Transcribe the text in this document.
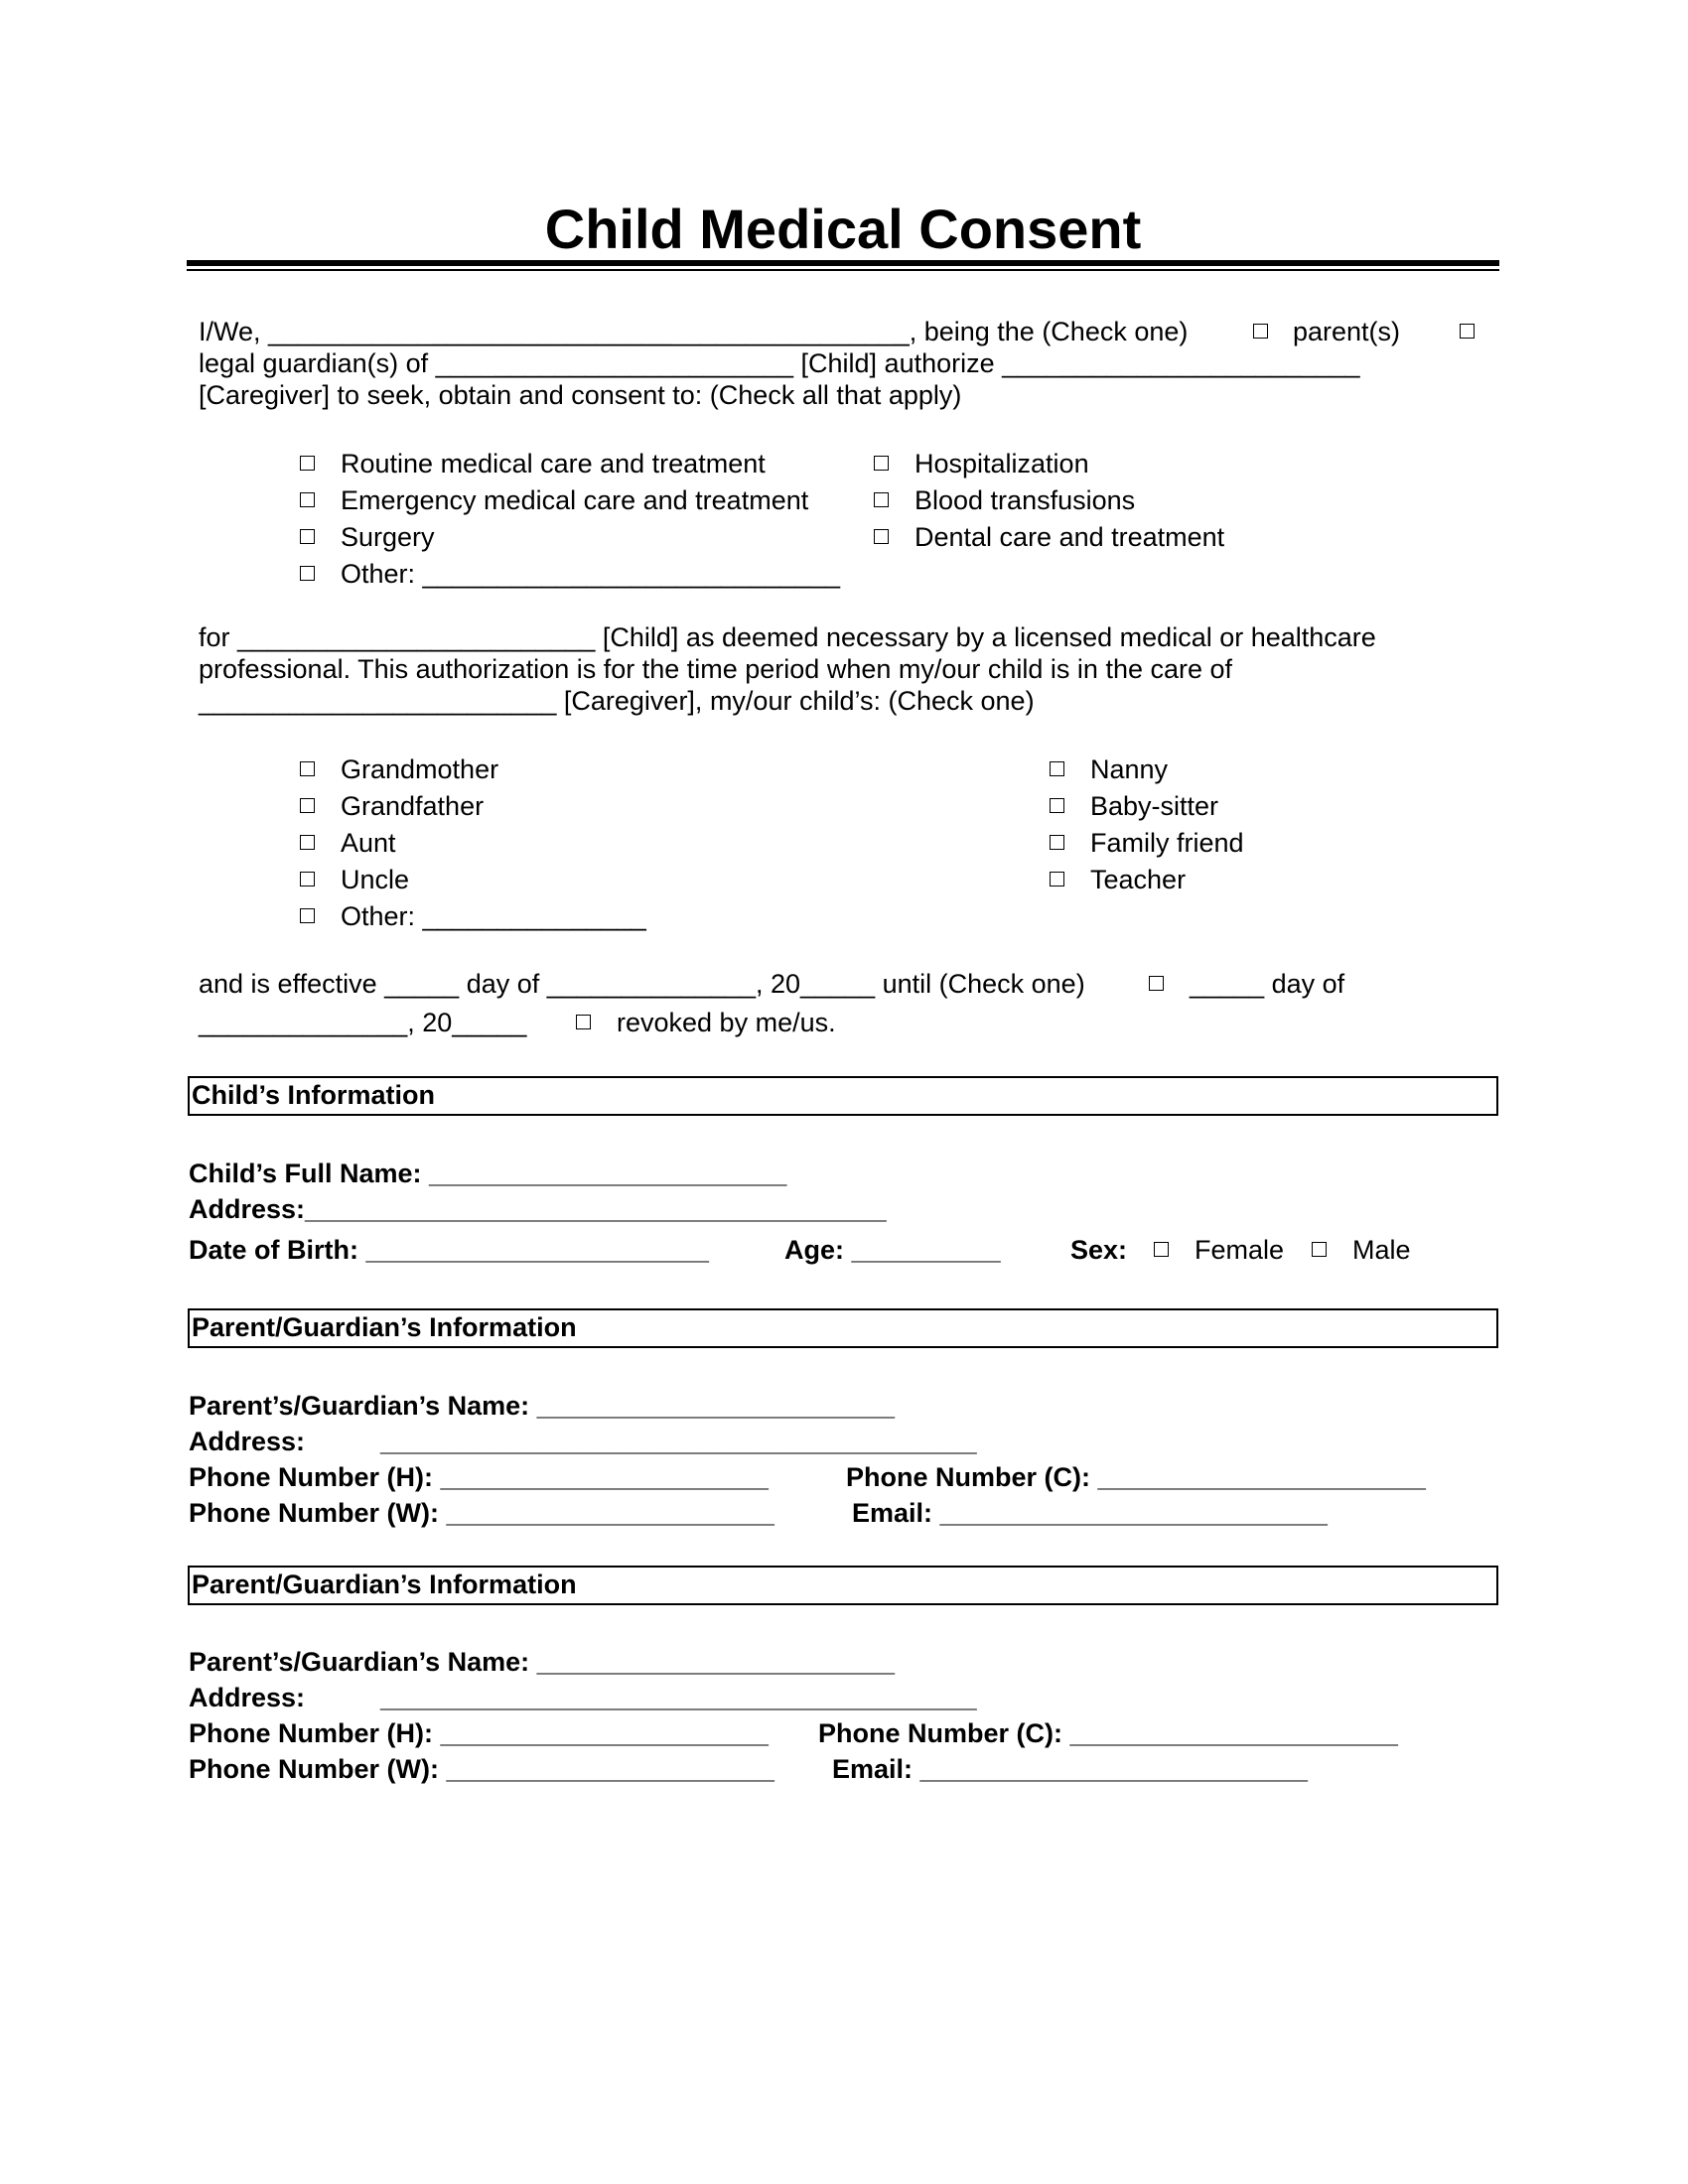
Child Medical Consent
I/We, ___________________________________________, being the (Check one)	parent(s)
legal guardian(s) of ________________________ [Child] authorize ________________________
[Caregiver] to seek, obtain and consent to: (Check all that apply)
Routine medical care and treatment
Emergency medical care and treatment
Surgery
Other: ____________________________
Hospitalization
Blood transfusions
Dental care and treatment
for ________________________ [Child] as deemed necessary by a licensed medical or healthcare
professional. This authorization is for the time period when my/our child is in the care of
________________________ [Caregiver], my/our child’s: (Check one)
Grandmother
Grandfather
Aunt
Uncle
Other: _______________
Nanny
Baby-sitter
Family friend
Teacher
and is effective _____ day of ______________, 20_____ until (Check one)	_____ day of
______________, 20_____	revoked by me/us.
Child’s Information
Child’s Full Name: ________________________
Address:_______________________________________
Date of Birth: _______________________	Age: __________	Sex:	Female	Male
Parent/Guardian’s Information
Parent’s/Guardian’s Name: ________________________
Address:	________________________________________
Phone Number (H): ______________________	Phone Number (C): ______________________
Phone Number (W): ______________________	Email: __________________________
Parent/Guardian’s Information
Parent’s/Guardian’s Name: ________________________
Address:	________________________________________
Phone Number (H): ______________________ Phone Number (C): ______________________
Phone Number (W): ______________________ Email: __________________________
